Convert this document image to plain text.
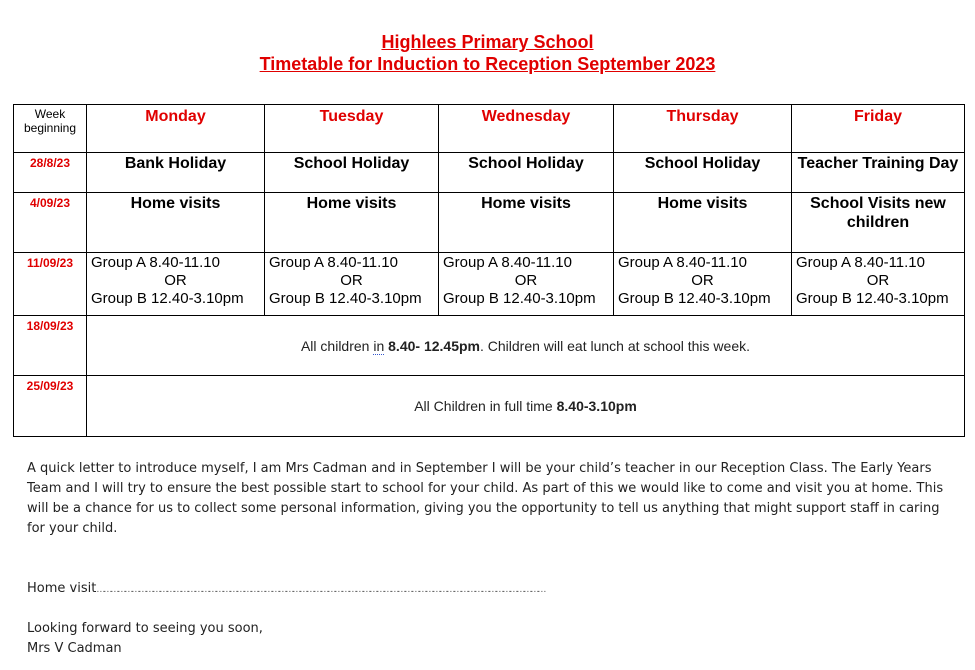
Highlees Primary School

Timetable for Induction to Reception September 2023

Week
beginning	Monday	Tuesday	Wednesday	Thursday	Friday
28/8/23	Bank Holiday	School Holiday	School Holiday	School Holiday	Teacher Training Day
4/09/23	Home visits	Home visits	Home visits	Home visits	School Visits new children
11/09/23	Group A 8.40-11.10
OR
Group B 12.40-3.10pm	Group A 8.40-11.10
OR
Group B 12.40-3.10pm	Group A 8.40-11.10
OR
Group B 12.40-3.10pm	Group A 8.40-11.10
OR
Group B 12.40-3.10pm	Group A 8.40-11.10
OR
Group B 12.40-3.10pm

18/09/23	All children in 8.40- 12.45pm. Children will eat lunch at school this week.				
25/09/23	All Children in full time 8.40-3.10pm				

A quick letter to introduce myself, I am Mrs Cadman and in September I will be your child’s teacher in our Reception Class. The Early Years Team and I will try to ensure the best possible start to school for your child. As part of this we would like to come and visit you at home. This will be a chance for us to collect some personal information, giving you the opportunity to tell us anything that might support staff in caring for your child.

Home visit…………………………………………………………………………………………………………………………………………………………………………

Looking forward to seeing you soon,

Mrs V Cadman
